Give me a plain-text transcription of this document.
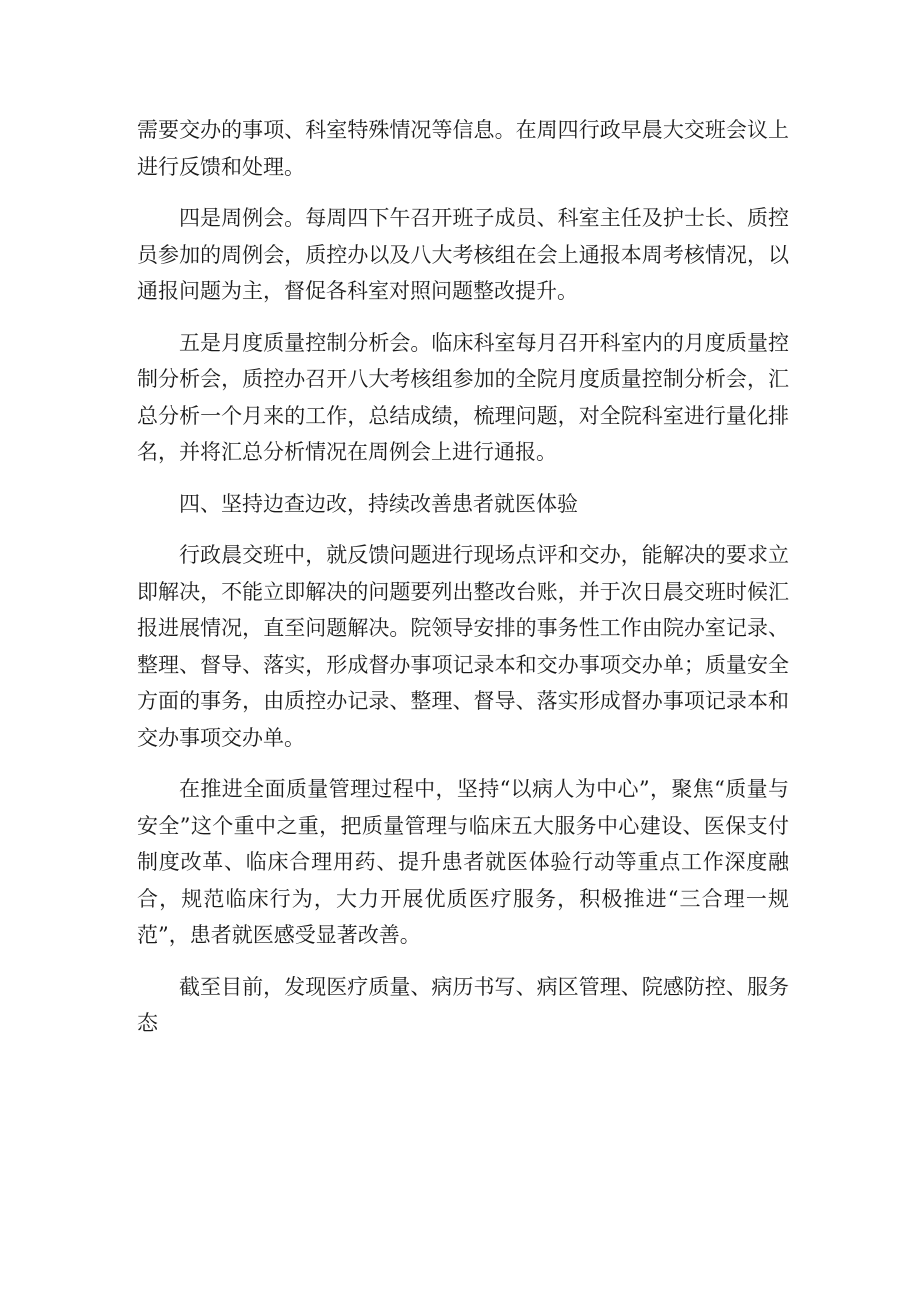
需要交办的事项、科室特殊情况等信息。在周四行政早晨大交班会议上进行反馈和处理。

四是周例会。每周四下午召开班子成员、科室主任及护士长、质控员参加的周例会，质控办以及八大考核组在会上通报本周考核情况，以通报问题为主，督促各科室对照问题整改提升。

五是月度质量控制分析会。临床科室每月召开科室内的月度质量控制分析会，质控办召开八大考核组参加的全院月度质量控制分析会，汇总分析一个月来的工作，总结成绩，梳理问题，对全院科室进行量化排名，并将汇总分析情况在周例会上进行通报。

四、坚持边查边改，持续改善患者就医体验

行政晨交班中，就反馈问题进行现场点评和交办，能解决的要求立即解决，不能立即解决的问题要列出整改台账，并于次日晨交班时候汇报进展情况，直至问题解决。院领导安排的事务性工作由院办室记录、整理、督导、落实，形成督办事项记录本和交办事项交办单；质量安全方面的事务，由质控办记录、整理、督导、落实形成督办事项记录本和交办事项交办单。

在推进全面质量管理过程中，坚持“以病人为中心”，聚焦“质量与安全”这个重中之重，把质量管理与临床五大服务中心建设、医保支付制度改革、临床合理用药、提升患者就医体验行动等重点工作深度融合，规范临床行为，大力开展优质医疗服务，积极推进“三合理一规范”，患者就医感受显著改善。

截至目前，发现医疗质量、病历书写、病区管理、院感防控、服务态
